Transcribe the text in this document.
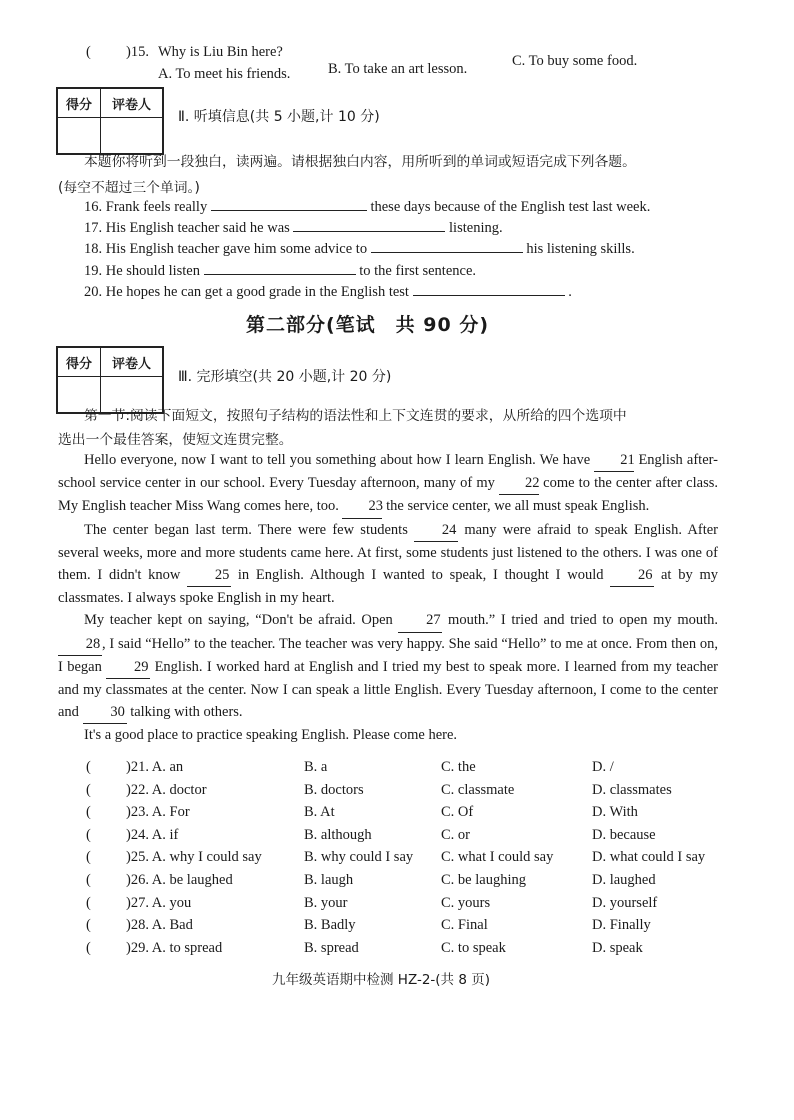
( )15. Why is Liu Bin here?
A. To meet his friends.	B. To take an art lesson.	C. To buy some food.
得分	评卷人
Ⅱ. 听填信息(共 5 小题,计 10 分)
本题你将听到一段独白，读两遍。请根据独白内容，用所听到的单词或短语完成下列各题。
(每空不超过三个单词。)
16. Frank feels really	these days because of the English test last week.
17. His English teacher said he was	listening.
18. His English teacher gave him some advice to	his listening skills.
19. He should listen	to the first sentence.
20. He hopes he can get a good grade in the English test	.
第二部分(笔试　共 90 分)
得分	评卷人
Ⅲ. 完形填空(共 20 小题,计 20 分)
第一节:阅读下面短文，按照句子结构的语法性和上下文连贯的要求，从所给的四个选项中
选出一个最佳答案，使短文连贯完整。

Hello everyone, now I want to tell you something about how I learn English. We have 21 English after-school service center in our school. Every Tuesday afternoon, many of my 22 come to the center after class. My English teacher Miss Wang comes here, too. 23 the service center, we all must speak English.

The center began last term. There were few students 24 many were afraid to speak English. After several weeks, more and more students came here. At first, some students just listened to the others. I was one of them. I didn't know 25 in English. Although I wanted to speak, I thought I would 26 at by my classmates. I always spoke English in my heart.

My teacher kept on saying, “Don't be afraid. Open 27 mouth.” I tried and tried to open my mouth. 28 , I said “Hello” to the teacher. The teacher was very happy. She said “Hello” to me at once. From then on, I began 29 English. I worked hard at English and I tried my best to speak more. I learned from my teacher and my classmates at the center. Now I can speak a little English. Every Tuesday afternoon, I come to the center and 30 talking with others.

It's a good place to practice speaking English. Please come here.

( )21. A. an	B. a	C. the	D. /
( )22. A. doctor	B. doctors	C. classmate	D. classmates
( )23. A. For	B. At	C. Of	D. With
( )24. A. if	B. although	C. or	D. because
( )25. A. why I could say	B. why could I say C. what I could say	D. what could I say
( )26. A. be laughed	B. laugh	C. be laughing	D. laughed
( )27. A. you	B. your	C. yours	D. yourself
( )28. A. Bad	B. Badly	C. Final	D. Finally
( )29. A. to spread	B. spread	C. to speak	D. speak
九年级英语期中检测 HZ-2-(共 8 页)
